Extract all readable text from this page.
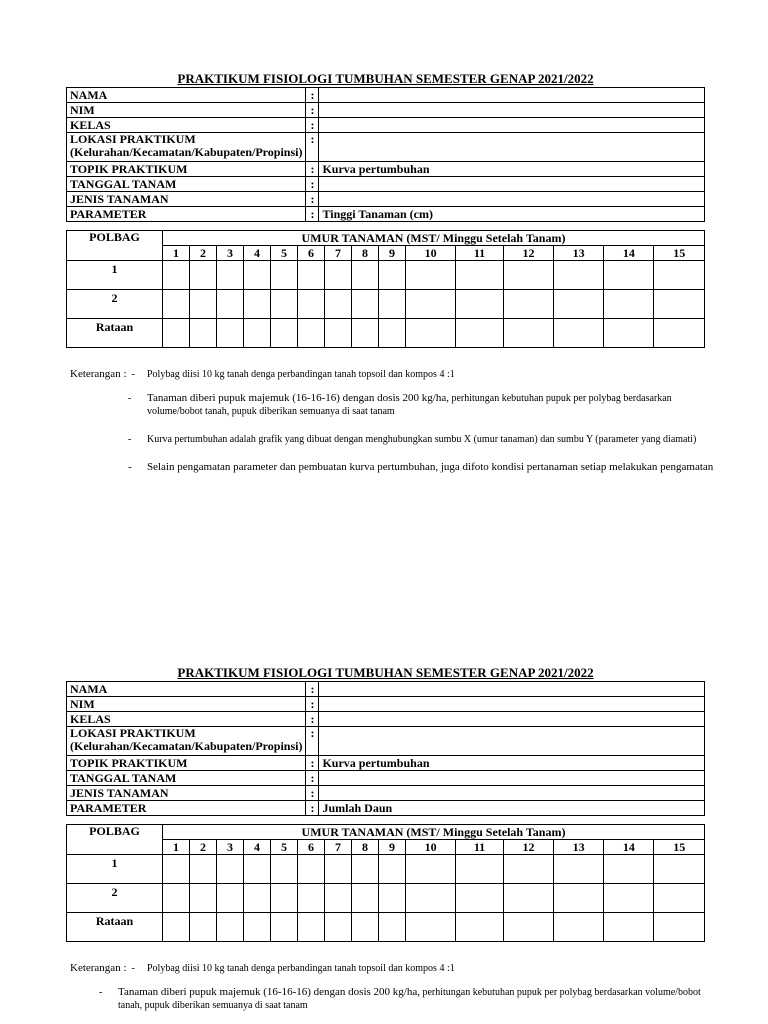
PRAKTIKUM FISIOLOGI TUMBUHAN SEMESTER GENAP 2021/2022
NAMA	:	
NIM	:	
KELAS	:	
LOKASI PRAKTIKUM
(Kelurahan/Kecamatan/Kabupaten/Propinsi)	:	
TOPIK PRAKTIKUM	:	Kurva pertumbuhan
TANGGAL TANAM	:	
JENIS TANAMAN	:	
PARAMETER	:	Tinggi Tanaman (cm)
POLBAG	UMUR TANAMAN (MST/ Minggu Setelah Tanam)														
	1	2	3	4	5	6	7	8	9	10	11	12	13	14	15
1															
2															
Rataan															
Keterangan :  - Polybag diisi 10 kg tanah denga perbandingan tanah topsoil dan kompos 4 :1
- Tanaman diberi pupuk majemuk (16-16-16) dengan dosis 200 kg/ha, perhitungan kebutuhan pupuk per polybag berdasarkan
volume/bobot tanah, pupuk diberikan semuanya di saat tanam
- Kurva pertumbuhan adalah grafik yang dibuat dengan menghubungkan sumbu X (umur tanaman) dan sumbu Y (parameter yang diamati)
- Selain pengamatan parameter dan pembuatan kurva pertumbuhan, juga difoto kondisi pertanaman setiap melakukan pengamatan
PRAKTIKUM FISIOLOGI TUMBUHAN SEMESTER GENAP 2021/2022
NAMA	:	
NIM	:	
KELAS	:	
LOKASI PRAKTIKUM
(Kelurahan/Kecamatan/Kabupaten/Propinsi)	:	
TOPIK PRAKTIKUM	:	Kurva pertumbuhan
TANGGAL TANAM	:	
JENIS TANAMAN	:	
PARAMETER	:	Jumlah Daun
POLBAG	UMUR TANAMAN (MST/ Minggu Setelah Tanam)														
	1	2	3	4	5	6	7	8	9	10	11	12	13	14	15
1															
2															
Rataan															
Keterangan :  - Polybag diisi 10 kg tanah denga perbandingan tanah topsoil dan kompos 4 :1
- Tanaman diberi pupuk majemuk (16-16-16) dengan dosis 200 kg/ha, perhitungan kebutuhan pupuk per polybag berdasarkan volume/bobot
tanah, pupuk diberikan semuanya di saat tanam
